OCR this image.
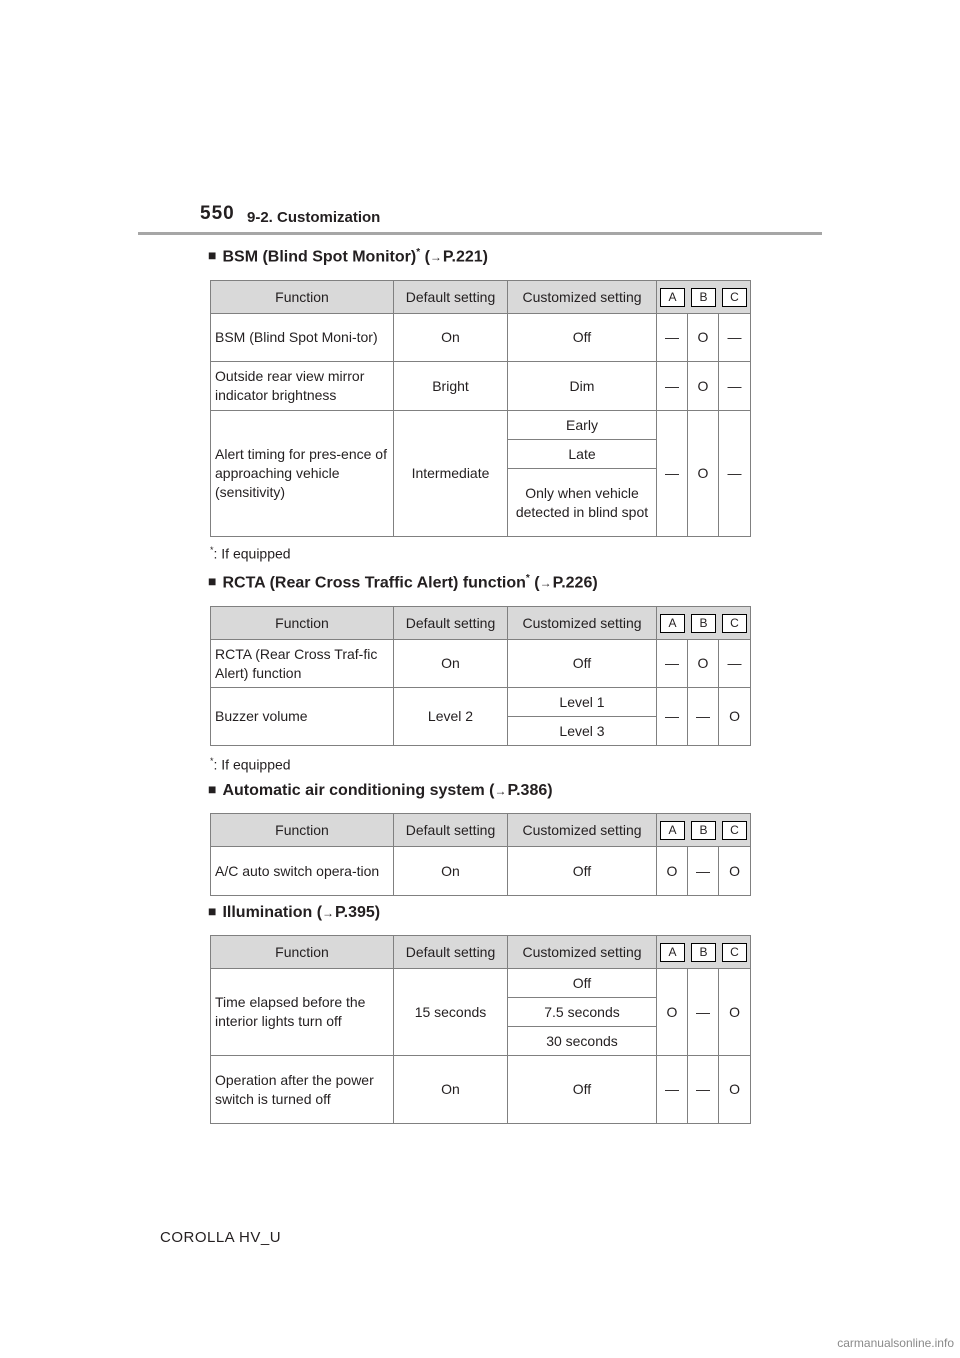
550 9-2. Customization
■ BSM (Blind Spot Monitor)* (→P.221)
Function	Default setting	Customized setting	A B C		
BSM (Blind Spot Moni-tor)	On	Off	—	O	—
Outside rear view mirror indicator brightness	Bright	Dim	—	O	—
Alert timing for pres-ence of approaching vehicle (sensitivity)	Intermediate	Early	—	O	—
		Late			
		Only when vehicle detected in blind spot			
*: If equipped
■ RCTA (Rear Cross Traffic Alert) function* (→P.226)
Function	Default setting	Customized setting	A B C		
RCTA (Rear Cross Traf-fic Alert) function	On	Off	—	O	—
Buzzer volume	Level 2	Level 1	—	—	O
		Level 3			
*: If equipped
■ Automatic air conditioning system (→P.386)
Function	Default setting	Customized setting	A B C		
A/C auto switch opera-tion	On	Off	O	—	O
■ Illumination (→P.395)
Function	Default setting	Customized setting	A B C		
Time elapsed before the interior lights turn off	15 seconds	Off	O	—	O
		7.5 seconds			
		30 seconds			
Operation after the power switch is turned off	On	Off	—	—	O
COROLLA HV_U
carmanualsonline.info
